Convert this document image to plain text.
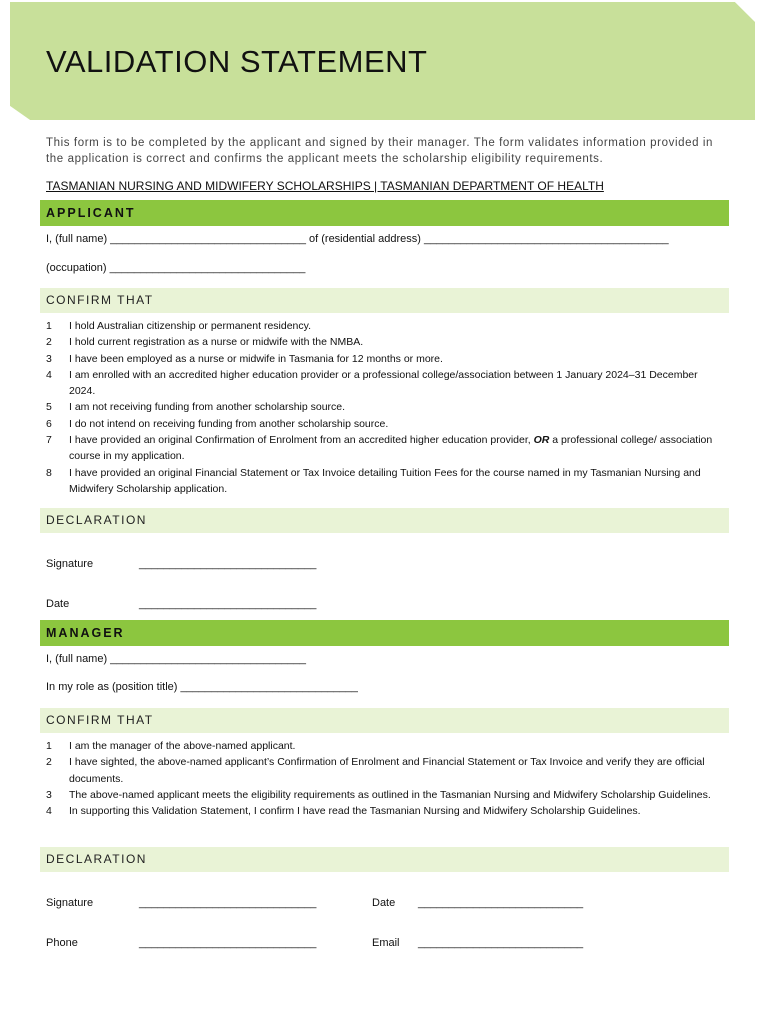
VALIDATION STATEMENT

This form is to be completed by the applicant and signed by their manager. The form validates information provided in the application is correct and confirms the applicant meets the scholarship eligibility requirements.

TASMANIAN NURSING AND MIDWIFERY SCHOLARSHIPS | TASMANIAN DEPARTMENT OF HEALTH

APPLICANT
I, (full name) ________________________________ of (residential address) ________________________________________
(occupation) ________________________________
CONFIRM THAT
1	I hold Australian citizenship or permanent residency.
2	I hold current registration as a nurse or midwife with the NMBA.
3	I have been employed as a nurse or midwife in Tasmania for 12 months or more.
4	I am enrolled with an accredited higher education provider or a professional college/association between 1 January 2024–31 December 2024.
5	I am not receiving funding from another scholarship source.
6	I do not intend on receiving funding from another scholarship source.
7	I have provided an original Confirmation of Enrolment from an accredited higher education provider, OR a professional college/ association course in my application.
8	I have provided an original Financial Statement or Tax Invoice detailing Tuition Fees for the course named in my Tasmanian Nursing and Midwifery Scholarship application.
DECLARATION
Signature	_____________________________
Date	_____________________________
MANAGER
I, (full name) ________________________________
In my role as (position title) _____________________________
CONFIRM THAT
1	I am the manager of the above-named applicant.
2	I have sighted, the above-named applicant’s Confirmation of Enrolment and Financial Statement or Tax Invoice and verify they are official documents.
3	The above-named applicant meets the eligibility requirements as outlined in the Tasmanian Nursing and Midwifery Scholarship Guidelines.
4	In supporting this Validation Statement, I confirm I have read the Tasmanian Nursing and Midwifery Scholarship Guidelines.
DECLARATION
Signature	_____________________________	Date ___________________________
Phone	_____________________________	Email ___________________________
